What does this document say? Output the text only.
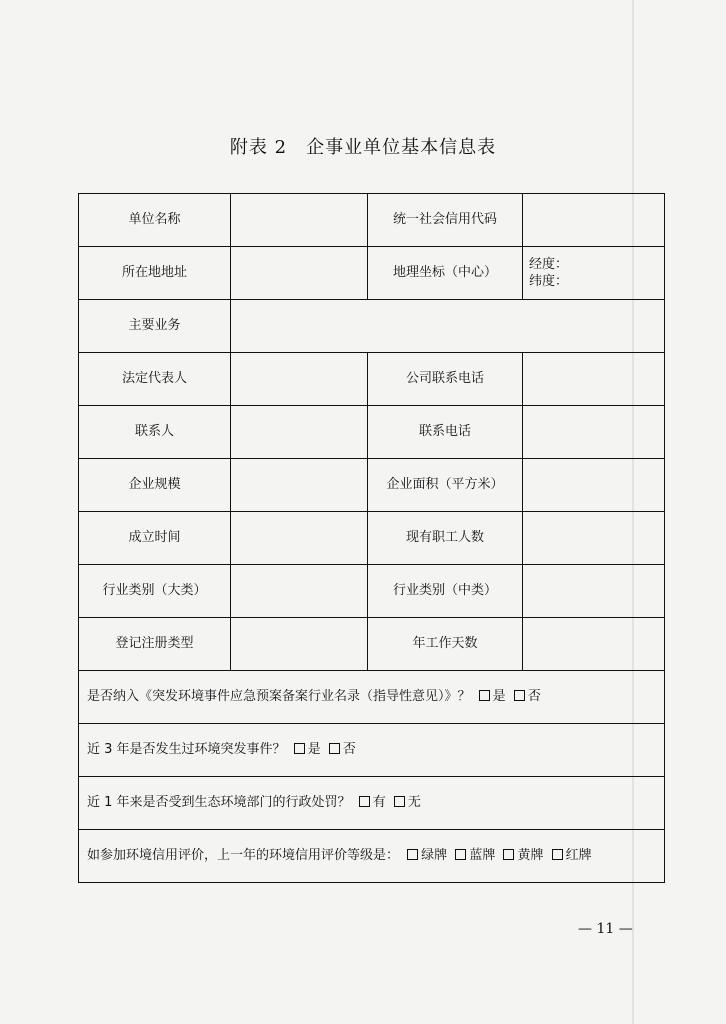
附表 2　企事业单位基本信息表
单位名称		统一社会信用代码	
所在地地址		地理坐标（中心）	经度：
纬度：

主要业务			
法定代表人		公司联系电话	
联系人		联系电话	
企业规模		企业面积（平方米）	
成立时间		现有职工人数	
行业类别（大类）		行业类别（中类）	
登记注册类型		年工作天数	
是否纳入《突发环境事件应急预案备案行业名录（指导性意见）》？ 是 否			
近 3 年是否发生过环境突发事件？ 是 否			
近 1 年来是否受到生态环境部门的行政处罚？ 有 无			
如参加环境信用评价，上一年的环境信用评价等级是： 绿牌 蓝牌 黄牌 红牌			
— 11 —
